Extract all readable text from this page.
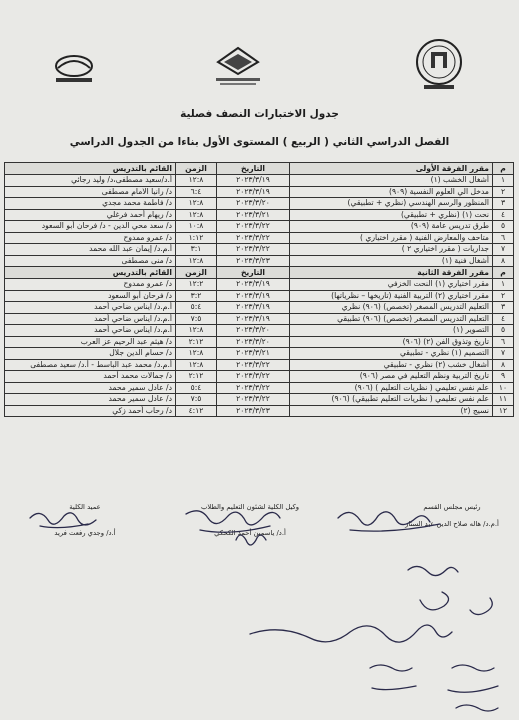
جدول الاختبارات النصف فصلية
الفصل الدراسي الثاني ( الربيع ) المستوى الأول بناءا من الجدول الدراسي
م	مقرر الفرقة الأولى	التاريخ	الزمن	القائم بالتدريس
١	أشغال الخشب (١)	٢٠٢٣/٣/١٩	١٢:٨	أ.د/سعيد مصطفى،د/ وليد رجائي
٢	مدخل الي العلوم النفسية (٩٠٩)	٢٠٢٣/٣/١٩	٦:٤	د/ رانيا الامام مصطفى
٣	المنظور والرسم الهندسي (نظري + تطبيقي)	٢٠٢٣/٣/٢٠	١٢:٨	د/ فاطمة محمد مجدي
٤	نحت (١) (نظري + تطبيقي)	٢٠٢٣/٣/٢١	١٢:٨	د/ ريهام أحمد فرغلي
٥	طرق تدريس عامة (٩٠٩)	٢٠٢٣/٣/٢٢	١٠:٨	د/ سعد محي الدين - د/ فرحان أبو السعود
٦	متاحف والمعارض الفنية ( مقرر اختياري )	٢٠٢٣/٣/٢٢	١:١٢	د/ عمرو ممدوح
٧	جداريات ( مقرر اختياري ٢ )	٢٠٢٣/٣/٢٢	٣:١	أ.م.د/ إيمان عبد الله محمد
٨	أشغال فنية (١)	٢٠٢٣/٣/٢٣	١٢:٨	د/ منى مصطفى
م	مقرر الفرقة الثانية	التاريخ	الزمن	القائم بالتدريس
١	مقرر اختياري (١) النحت الخزفي	٢٠٢٣/٣/١٩	١٢:٢	د/ عمرو ممدوح
٢	مقرر اختياري (٢) التربية الفنية (تاريخها – نظرياتها)	٢٠٢٣/٣/١٩	٣:٢	د/ فرحان أبو السعود
٣	التعليم التدريس المصغر (تخصص) (٩٠٦) نظري	٢٠٢٣/٣/١٩	٥:٤	أ.م.د/ ايناس ضاحي أحمد
٤	التعليم التدريس المصغر (تخصص) (٩٠٦) تطبيقي	٢٠٢٣/٣/١٩	٧:٥	أ.م.د/ ايناس ضاحي أحمد
٥	التصوير (١)	٢٠٢٣/٣/٢٠	١٢:٨	أ.م.د/ ايناس ضاحي أحمد
٦	تاريخ وتذوق الفن (٢) (٩٠٦)	٢٠٢٣/٣/٢٠	٢:١٢	د/ هيثم عبد الرحيم عز العرب
٧	التصميم (١) نظري - تطبيقي	٢٠٢٣/٣/٢١	١٢:٨	د/ حسام الدين جلال
٨	أشغال خشب (٢) نظري - تطبيقي	٢٠٢٣/٣/٢٢	١٢:٨	أ.م.د/ محمد عبد الباسط - أ.د/ سعيد مصطفى
٩	تاريخ التربية ونظم التعليم في مصر (٩٠٦)	٢٠٢٣/٣/٢٢	٢:١٢	د/ جمالات محمد أحمد
١٠	علم نفس تعليمي ( نظريات التعليم ) (٩٠٦)	٢٠٢٣/٣/٢٢	٥:٤	د/ عادل سمير محمد
١١	علم نفس تعليمي ( نظريات التعليم تطبيقي) (٩٠٦)	٢٠٢٣/٣/٢٢	٧:٥	د/ عادل سمير محمد
١٢	نسيج (٢)	٢٠٢٣/٣/٢٣	٤:١٢	د/ رحاب أحمد زكي
رئيس مجلس القسم
أ.م.د/ هاله صلاح الدين عبد الستار
وكيل الكلية لشئون التعليم والطلاب
أ.د/ ياسمين أحمد الكحكي
عميد الكلية
أ.د/ وجدي رفعت فريد
